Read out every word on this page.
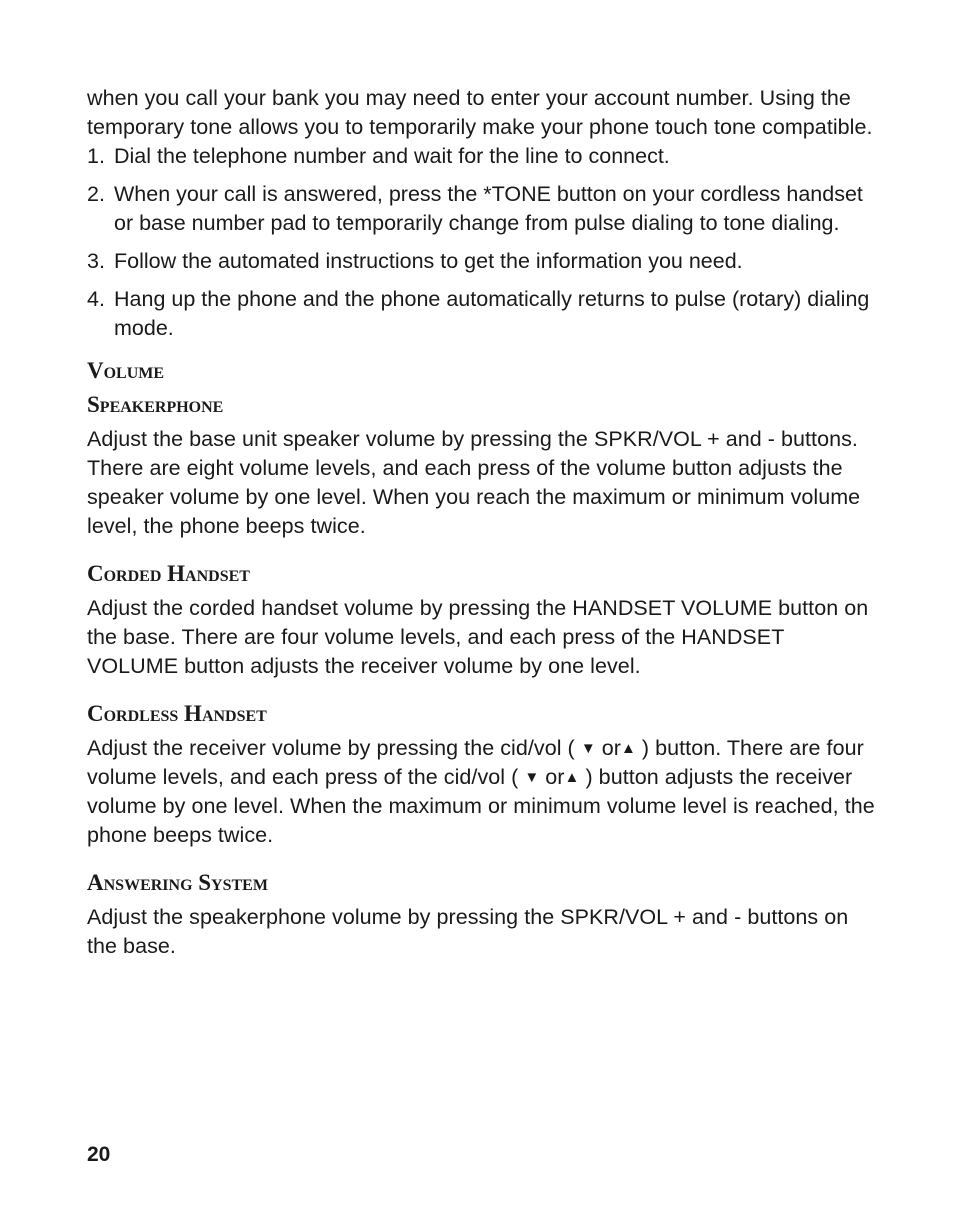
when you call your bank you may need to enter your account number. Using the temporary tone allows you to temporarily make your phone touch tone compatible.

1. Dial the telephone number and wait for the line to connect.
2. When your call is answered, press the *TONE button on your cordless handset or base number pad to temporarily change from pulse dialing to tone dialing.
3. Follow the automated instructions to get the information you need.
4. Hang up the phone and the phone automatically returns to pulse (rotary) dialing mode.
Volume
Speakerphone

Adjust the base unit speaker volume by pressing the SPKR/VOL + and - buttons. There are eight volume levels, and each press of the volume button adjusts the speaker volume by one level. When you reach the maximum or minimum volume level, the phone beeps twice.

Corded Handset

Adjust the corded handset volume by pressing the HANDSET VOLUME button on the base. There are four volume levels, and each press of the HANDSET VOLUME button adjusts the receiver volume by one level.

Cordless Handset

Adjust the receiver volume by pressing the cid/vol ( ▼ or▲ ) button. There are four volume levels, and each press of the cid/vol ( ▼ or▲ ) button adjusts the receiver volume by one level. When the maximum or minimum volume level is reached, the phone beeps twice.

Answering System

Adjust the speakerphone volume by pressing the SPKR/VOL + and - buttons on the base.

20
